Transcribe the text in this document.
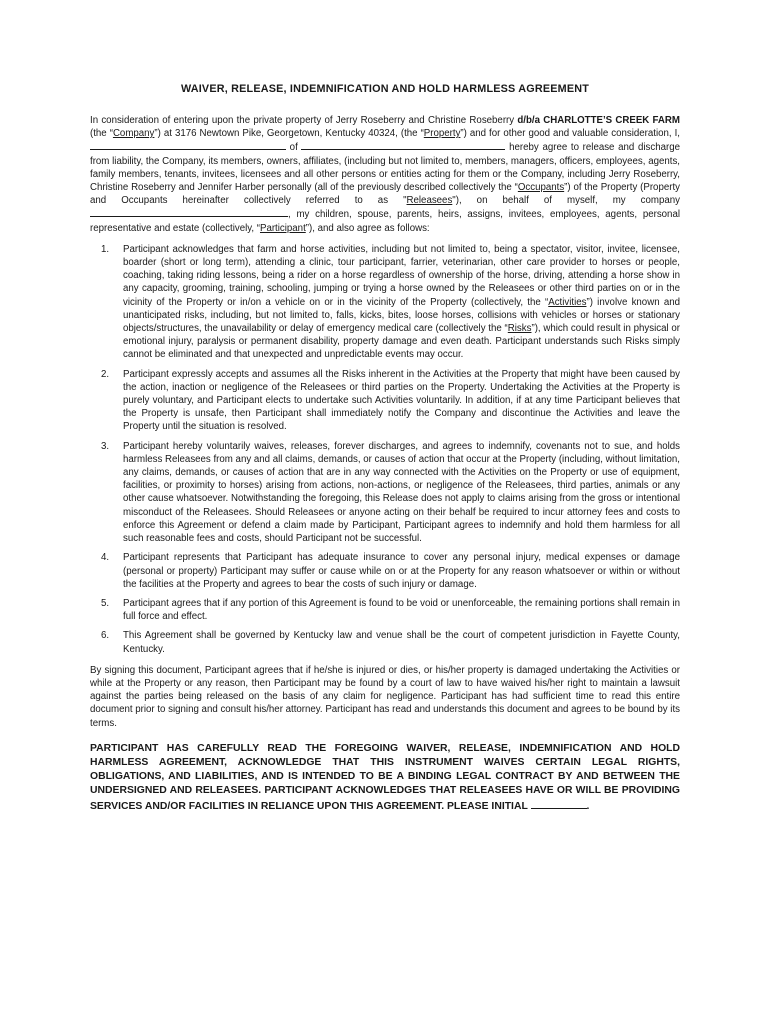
WAIVER, RELEASE, INDEMNIFICATION AND HOLD HARMLESS AGREEMENT

In consideration of entering upon the private property of Jerry Roseberry and Christine Roseberry d/b/a CHARLOTTE’S CREEK FARM (the “Company”) at 3176 Newtown Pike, Georgetown, Kentucky 40324, (the “Property”) and for other good and valuable consideration, I,  of	hereby agree to release and discharge from liability, the Company, its members, owners, affiliates, (including but not limited to, members, managers, officers, employees, agents, family members, tenants, invitees, licensees and all other persons or entities acting for them or the Company, including Jerry Roseberry, Christine Roseberry and Jennifer Harber personally (all of the previously described collectively the “Occupants”) of the Property (Property and Occupants hereinafter collectively referred to as "Releasees"), on behalf of myself, my company , my children, spouse, parents, heirs, assigns, invitees, employees, agents, personal representative and estate (collectively, “Participant”), and also agree as follows:

1. Participant acknowledges that farm and horse activities, including but not limited to, being a spectator, visitor, invitee, licensee, boarder (short or long term), attending a clinic, tour participant, farrier, veterinarian, other care provider to horses or people, coaching, taking riding lessons, being a rider on a horse regardless of ownership of the horse, driving, attending a horse show in any capacity, grooming, training, schooling, jumping or trying a horse owned by the Releasees or other third parties on or in the vicinity of the Property or in/on a vehicle on or in the vicinity of the Property (collectively, the “Activities”) involve known and unanticipated risks, including, but not limited to, falls, kicks, bites, loose horses, collisions with vehicles or horses or stationary objects/structures, the unavailability or delay of emergency medical care (collectively the “Risks”), which could result in physical or emotional injury, paralysis or permanent disability, property damage and even death. Participant understands such Risks simply cannot be eliminated and that unexpected and unpredictable events may occur.
2. Participant expressly accepts and assumes all the Risks inherent in the Activities at the Property that might have been caused by the action, inaction or negligence of the Releasees or third parties on the Property. Undertaking the Activities at the Property is purely voluntary, and Participant elects to undertake such Activities voluntarily. In addition, if at any time Participant believes that the Property is unsafe, then Participant shall immediately notify the Company and discontinue the Activities and leave the Property until the situation is resolved.
3. Participant hereby voluntarily waives, releases, forever discharges, and agrees to indemnify, covenants not to sue, and holds harmless Releasees from any and all claims, demands, or causes of action that occur at the Property (including, without limitation, any claims, demands, or causes of action that are in any way connected with the Activities on the Property or use of equipment, facilities, or proximity to horses) arising from actions, non-actions, or negligence of the Releasees, third parties, animals or any other cause whatsoever. Notwithstanding the foregoing, this Release does not apply to claims arising from the gross or intentional misconduct of the Releasees. Should Releasees or anyone acting on their behalf be required to incur attorney fees and costs to enforce this Agreement or defend a claim made by Participant, Participant agrees to indemnify and hold them harmless for all such reasonable fees and costs, should Participant not be successful.
4. Participant represents that Participant has adequate insurance to cover any personal injury, medical expenses or damage (personal or property) Participant may suffer or cause while on or at the Property for any reason whatsoever or within or without the facilities at the Property and agrees to bear the costs of such injury or damage.
5. Participant agrees that if any portion of this Agreement is found to be void or unenforceable, the remaining portions shall remain in full force and effect.
6. This Agreement shall be governed by Kentucky law and venue shall be the court of competent jurisdiction in Fayette County, Kentucky.

By signing this document, Participant agrees that if he/she is injured or dies, or his/her property is damaged undertaking the Activities or while at the Property or any reason, then Participant may be found by a court of law to have waived his/her right to maintain a lawsuit against the parties being released on the basis of any claim for negligence. Participant has had sufficient time to read this entire document prior to signing and consult his/her attorney. Participant has read and understands this document and agrees to be bound by its terms.

PARTICIPANT HAS CAREFULLY READ THE FOREGOING WAIVER, RELEASE, INDEMNIFICATION AND HOLD HARMLESS AGREEMENT, ACKNOWLEDGE THAT THIS INSTRUMENT WAIVES CERTAIN LEGAL RIGHTS, OBLIGATIONS, AND LIABILITIES, AND IS INTENDED TO BE A BINDING LEGAL CONTRACT BY AND BETWEEN THE UNDERSIGNED AND RELEASEES. PARTICIPANT ACKNOWLEDGES THAT RELEASEES HAVE OR WILL BE PROVIDING SERVICES AND/OR FACILITIES IN RELIANCE UPON THIS AGREEMENT. PLEASE INITIAL	.
